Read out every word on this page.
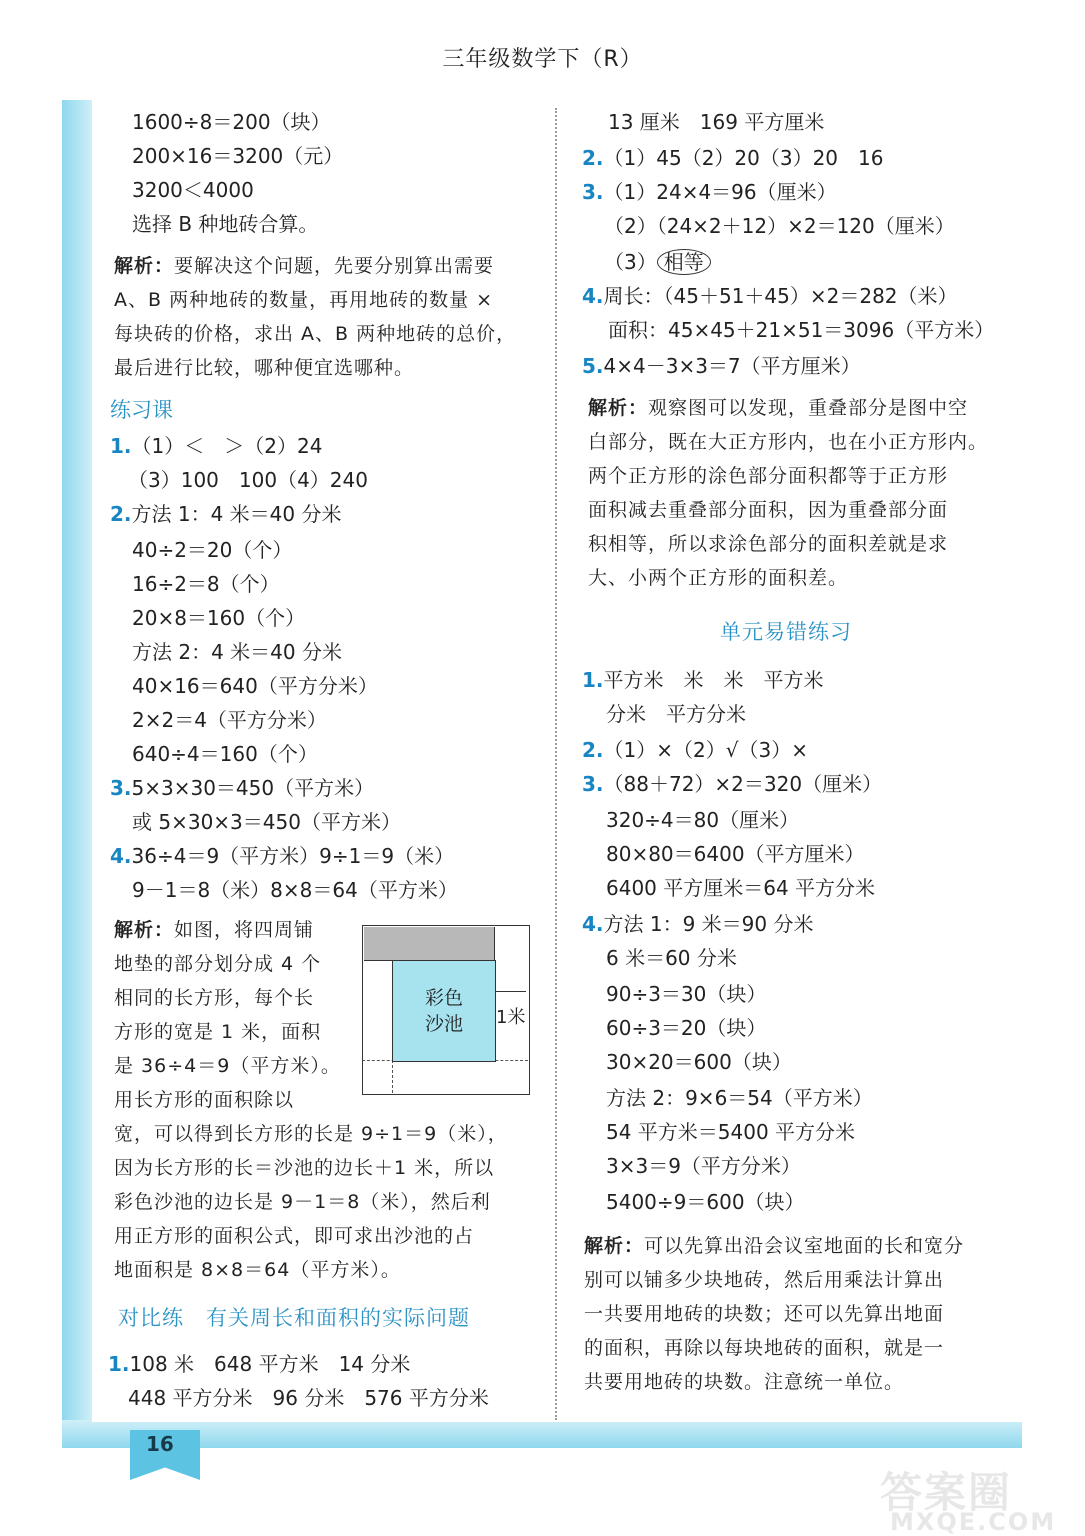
三年级数学下（R）
1600÷8＝200（块）
200×16＝3200（元）
3200＜4000
选择 B 种地砖合算。
解析：要解决这个问题，先要分别算出需要
A、B 两种地砖的数量，再用地砖的数量 ×
每块砖的价格，求出 A、B 两种地砖的总价，
最后进行比较，哪种便宜选哪种。
练习课
1.（1）＜　＞（2）24
（3）100　100（4）240
2.方法 1：4 米＝40 分米
40÷2＝20（个）
16÷2＝8（个）
20×8＝160（个）
方法 2：4 米＝40 分米
40×16＝640（平方分米）
2×2＝4（平方分米）
640÷4＝160（个）
3.5×3×30＝450（平方米）
或 5×30×3＝450（平方米）
4.36÷4＝9（平方米）9÷1＝9（米）
9－1＝8（米）8×8＝64（平方米）
解析：如图，将四周铺
地垫的部分划分成 4 个
相同的长方形，每个长
方形的宽是 1 米，面积
是 36÷4＝9（平方米）。
用长方形的面积除以
宽，可以得到长方形的长是 9÷1＝9（米），
因为长方形的长＝沙池的边长＋1 米，所以
彩色沙池的边长是 9－1＝8（米），然后利
用正方形的面积公式，即可求出沙池的占
地面积是 8×8＝64（平方米）。
对比练　有关周长和面积的实际问题
1.108 米　648 平方米　14 分米
448 平方分米　96 分米　576 平方分米
彩色
沙池	1米
13 厘米　169 平方厘米
2.（1）45（2）20（3）20　16
3.（1）24×4＝96（厘米）
（2）（24×2＋12）×2＝120（厘米）
（3） 相等
4.周长：（45＋51＋45）×2＝282（米）
面积：45×45＋21×51＝3096（平方米）
5.4×4－3×3＝7（平方厘米）
解析：观察图可以发现，重叠部分是图中空
白部分，既在大正方形内，也在小正方形内。
两个正方形的涂色部分面积都等于正方形
面积减去重叠部分面积，因为重叠部分面
积相等，所以求涂色部分的面积差就是求
大、小两个正方形的面积差。
单元易错练习
1.平方米　米　米　平方米
分米　平方分米
2.（1）×（2）√（3）×
3.（88＋72）×2＝320（厘米）
320÷4＝80（厘米）
80×80＝6400（平方厘米）
6400 平方厘米＝64 平方分米
4.方法 1：9 米＝90 分米
6 米＝60 分米
90÷3＝30（块）
60÷3＝20（块）
30×20＝600（块）
方法 2：9×6＝54（平方米）
54 平方米＝5400 平方分米
3×3＝9（平方分米）
5400÷9＝600（块）
解析：可以先算出沿会议室地面的长和宽分
别可以铺多少块地砖，然后用乘法计算出
一共要用地砖的块数；还可以先算出地面
的面积，再除以每块地砖的面积，就是一
共要用地砖的块数。注意统一单位。
16
答案圈
MXQE.COM
